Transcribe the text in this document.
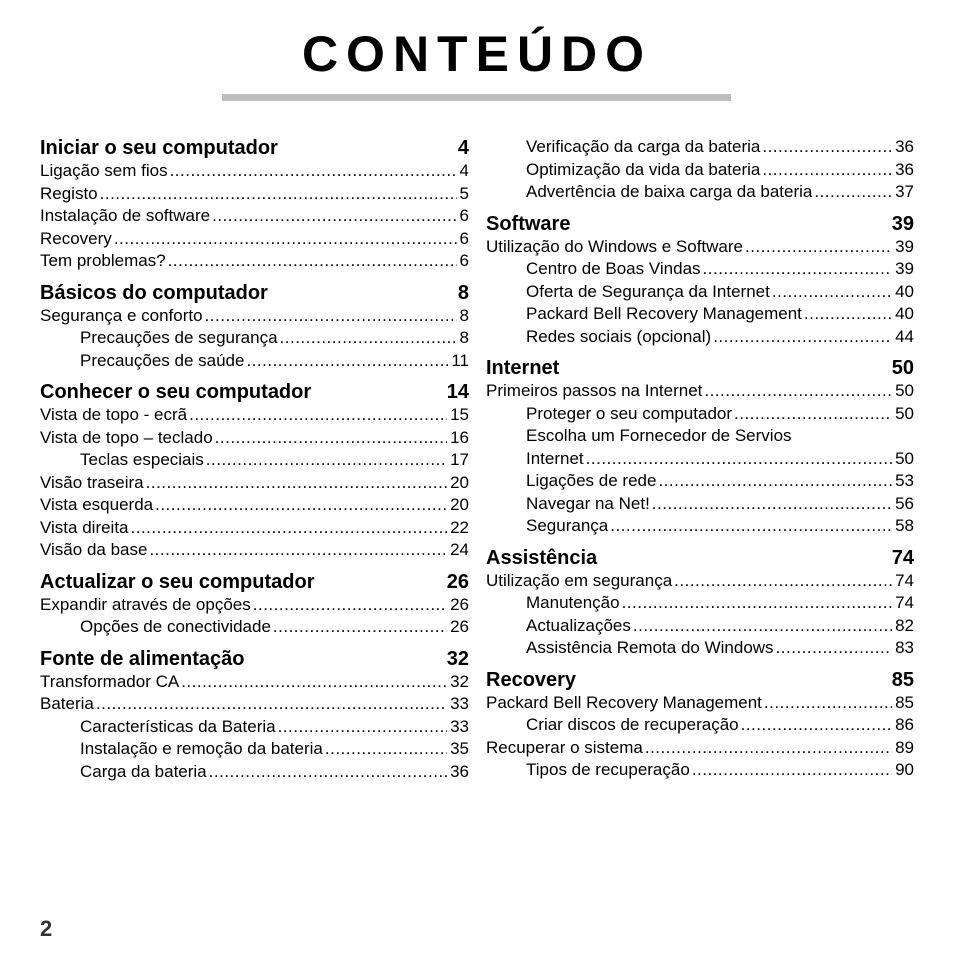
CONTEÚDO
Iniciar o seu computador	4
Ligação sem fios .....	4
Registo .....	5
Instalação de software .....	6
Recovery .....	6
Tem problemas? .....	6
Básicos do computador	8
Segurança e conforto .....	8
Precauções de segurança .....	8
Precauções de saúde .....	11
Conhecer o seu computador	14
Vista de topo - ecrã .....	15
Vista de topo – teclado .....	16
Teclas especiais .....	17
Visão traseira .....	20
Vista esquerda .....	20
Vista direita .....	22
Visão da base .....	24
Actualizar o seu computador	26
Expandir através de opções .....	26
Opções de conectividade .....	26
Fonte de alimentação	32
Transformador CA .....	32
Bateria .....	33
Características da Bateria .....	33
Instalação e remoção da bateria .....	35
Carga da bateria .....	36
Verificação da carga da bateria .....	36
Optimização da vida da bateria .....	36
Advertência de baixa carga da bateria .....	37
Software	39
Utilização do Windows e Software .....	39
Centro de Boas Vindas .....	39
Oferta de Segurança da Internet .....	40
Packard Bell Recovery Management .....	40
Redes sociais (opcional) .....	44
Internet	50
Primeiros passos na Internet .....	50
Proteger o seu computador .....	50
Escolha um Fornecedor de Servios
Internet .....	50
Ligações de rede .....	53
Navegar na Net! .....	56
Segurança .....	58
Assistência	74
Utilização em segurança .....	74
Manutenção .....	74
Actualizações .....	82
Assistência Remota do Windows .....	83
Recovery	85
Packard Bell Recovery Management .....	85
Criar discos de recuperação .....	86
Recuperar o sistema .....	89
Tipos de recuperação .....	90
2
